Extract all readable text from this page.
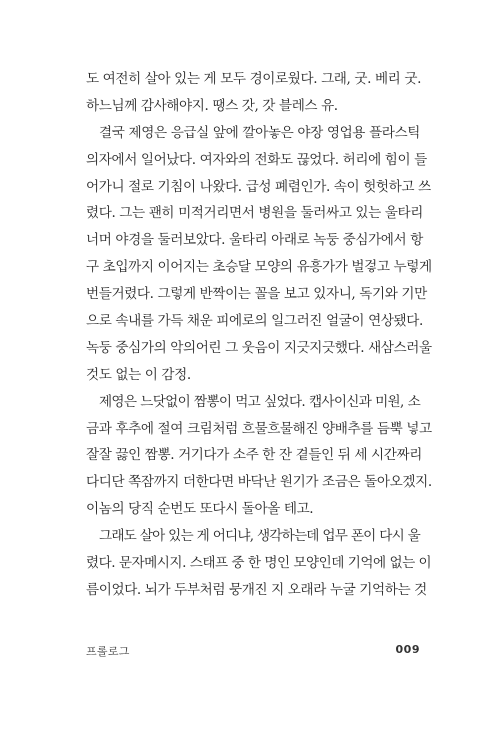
도 여전히 살아 있는 게 모두 경이로웠다. 그래, 굿. 베리 굿.
하느님께 감사해야지. 땡스 갓, 갓 블레스 유.
결국 제영은 응급실 앞에 깔아놓은 야장 영업용 플라스틱
의자에서 일어났다. 여자와의 전화도 끊었다. 허리에 힘이 들
어가니 절로 기침이 나왔다. 급성 폐렴인가. 속이 헛헛하고 쓰
렸다. 그는 괜히 미적거리면서 병원을 둘러싸고 있는 울타리
너머 야경을 둘러보았다. 울타리 아래로 녹둥 중심가에서 항
구 초입까지 이어지는 초승달 모양의 유흥가가 벌겋고 누렇게
번들거렸다. 그렇게 반짝이는 꼴을 보고 있자니, 독기와 기만
으로 속내를 가득 채운 피에로의 일그러진 얼굴이 연상됐다.
녹둥 중심가의 악의어린 그 웃음이 지긋지긋했다. 새삼스러울
것도 없는 이 감정.
제영은 느닷없이 짬뽕이 먹고 싶었다. 캡사이신과 미원, 소
금과 후추에 절여 크림처럼 흐물흐물해진 양배추를 듬뿍 넣고
잘잘 끓인 짬뽕. 거기다가 소주 한 잔 곁들인 뒤 세 시간짜리
다디단 쪽잠까지 더한다면 바닥난 원기가 조금은 돌아오겠지.
이놈의 당직 순번도 또다시 돌아올 테고.
그래도 살아 있는 게 어디냐, 생각하는데 업무 폰이 다시 울
렸다. 문자메시지. 스태프 중 한 명인 모양인데 기억에 없는 이
름이었다. 뇌가 두부처럼 뭉개진 지 오래라 누굴 기억하는 것
프롤로그	009
